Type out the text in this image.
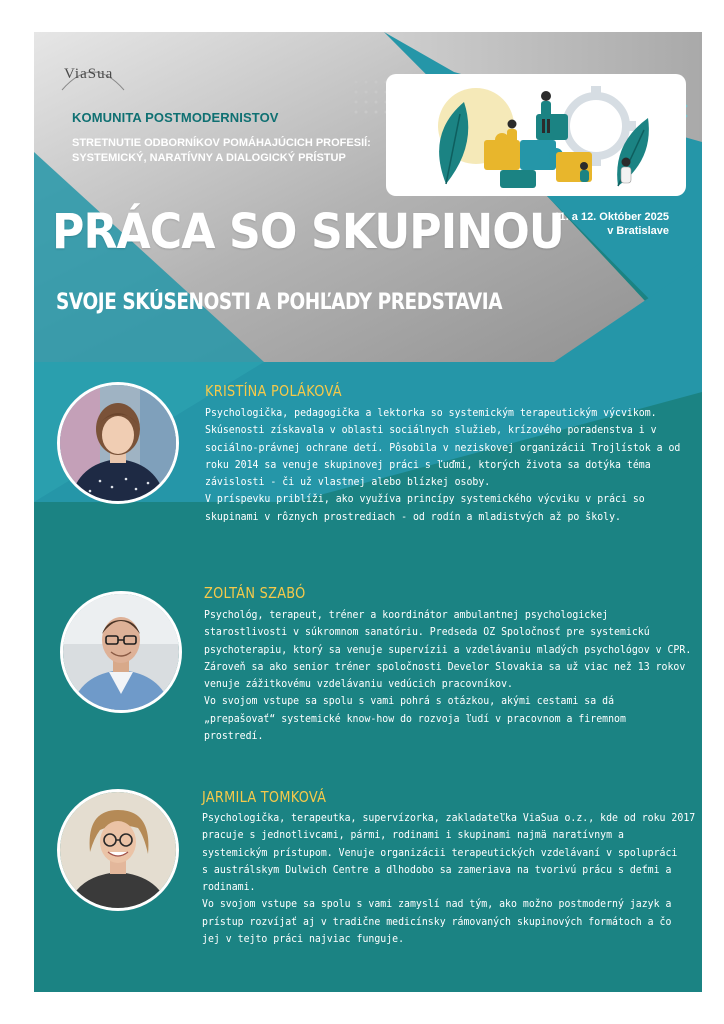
ViaSua
KOMUNITA POSTMODERNISTOV
STRETNUTIE ODBORNÍKOV POMÁHAJÚCICH PROFESIÍ:
SYSTEMICKÝ, NARATÍVNY A DIALOGICKÝ PRÍSTUP
11. a 12. Október 2025
v Bratislave
PRÁCA SO SKUPINOU
SVOJE SKÚSENOSTI A POHĽADY PREDSTAVIA
KRISTÍNA POLÁKOVÁ
Psychologička, pedagogička a lektorka so systemickým terapeutickým výcvikom.
Skúsenosti získavala v oblasti sociálnych služieb, krízového poradenstva i v
sociálno-právnej ochrane detí. Pôsobila v neziskovej organizácii Trojlístok a od
roku 2014 sa venuje skupinovej práci s ľuďmi, ktorých života sa dotýka téma
závislosti - či už vlastnej alebo blízkej osoby.
V príspevku priblíži, ako využíva princípy systemického výcviku v práci so
skupinami v rôznych prostrediach - od rodín a mladistvých až po školy.
ZOLTÁN SZABÓ
Psychológ, terapeut, tréner a koordinátor ambulantnej psychologickej
starostlivosti v súkromnom sanatóriu. Predseda OZ Spoločnosť pre systemickú
psychoterapiu, ktorý sa venuje supervízii a vzdelávaniu mladých psychológov v CPR.
Zároveň sa ako senior tréner spoločnosti Develor Slovakia sa už viac než 13 rokov
venuje zážitkovému vzdelávaniu vedúcich pracovníkov.
Vo svojom vstupe sa spolu s vami pohrá s otázkou, akými cestami sa dá
„prepašovať“ systemické know-how do rozvoja ľudí v pracovnom a firemnom
prostredí.
JARMILA TOMKOVÁ
Psychologička, terapeutka, supervízorka, zakladateľka ViaSua o.z., kde od roku 2017
pracuje s jednotlivcami, pármi, rodinami i skupinami najmä naratívnym a
systemickým prístupom. Venuje organizácii terapeutických vzdelávaní v spolupráci
s austrálskym Dulwich Centre a dlhodobo sa zameriava na tvorivú prácu s deťmi a
rodinami.
Vo svojom vstupe sa spolu s vami zamyslí nad tým, ako možno postmoderný jazyk a
prístup rozvíjať aj v tradične medicínsky rámovaných skupinových formátoch a čo
jej v tejto práci najviac funguje.
